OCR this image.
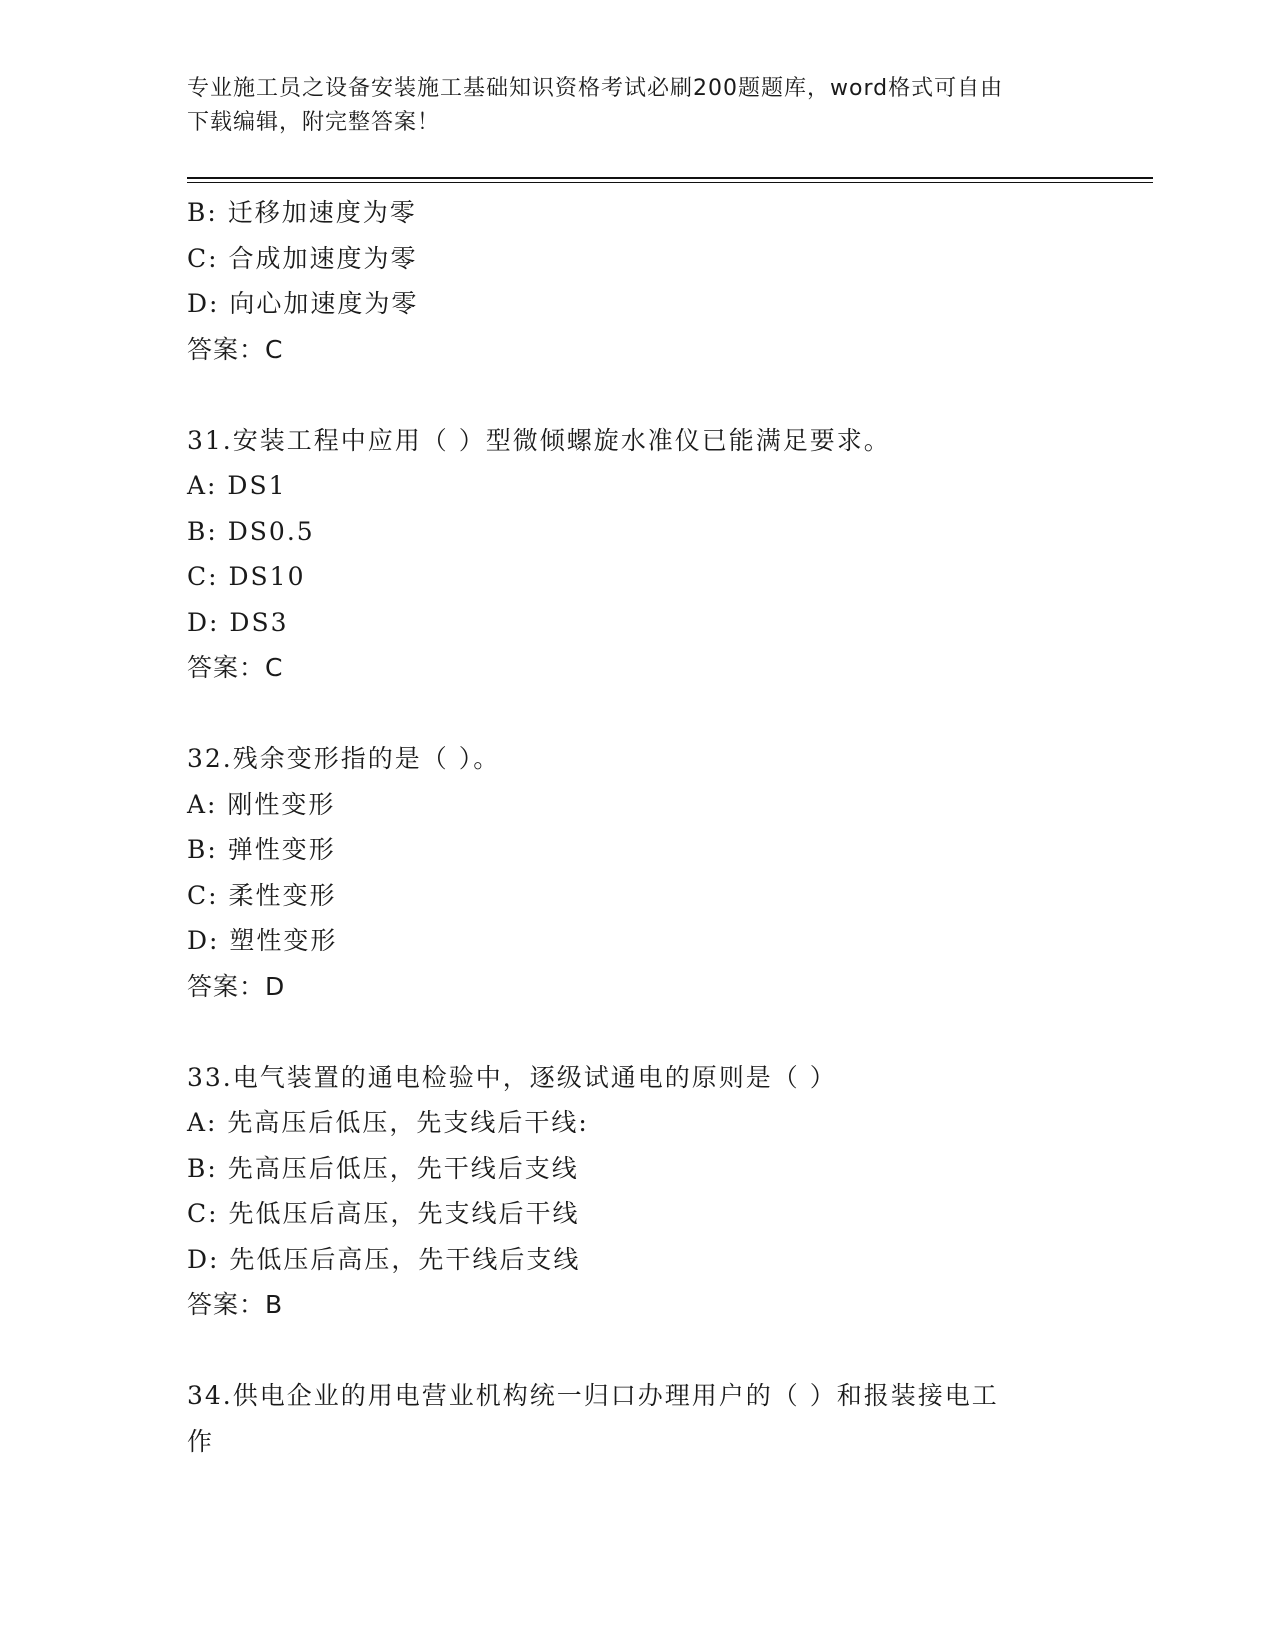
专业施工员之设备安装施工基础知识资格考试必刷200题题库，word格式可自由
下载编辑，附完整答案！
B: 迁移加速度为零
C: 合成加速度为零
D: 向心加速度为零
答案：C
31.安装工程中应用（ ）型微倾螺旋水准仪已能满足要求。
A: DS1
B: DS0.5
C: DS10
D: DS3
答案：C
32.残余变形指的是（ ）。
A: 刚性变形
B: 弹性变形
C: 柔性变形
D: 塑性变形
答案：D
33.电气装置的通电检验中，逐级试通电的原则是（ ）
A: 先高压后低压，先支线后干线:
B: 先高压后低压，先干线后支线
C: 先低压后高压，先支线后干线
D: 先低压后高压，先干线后支线
答案：B
34.供电企业的用电营业机构统一归口办理用户的（ ）和报装接电工
作
